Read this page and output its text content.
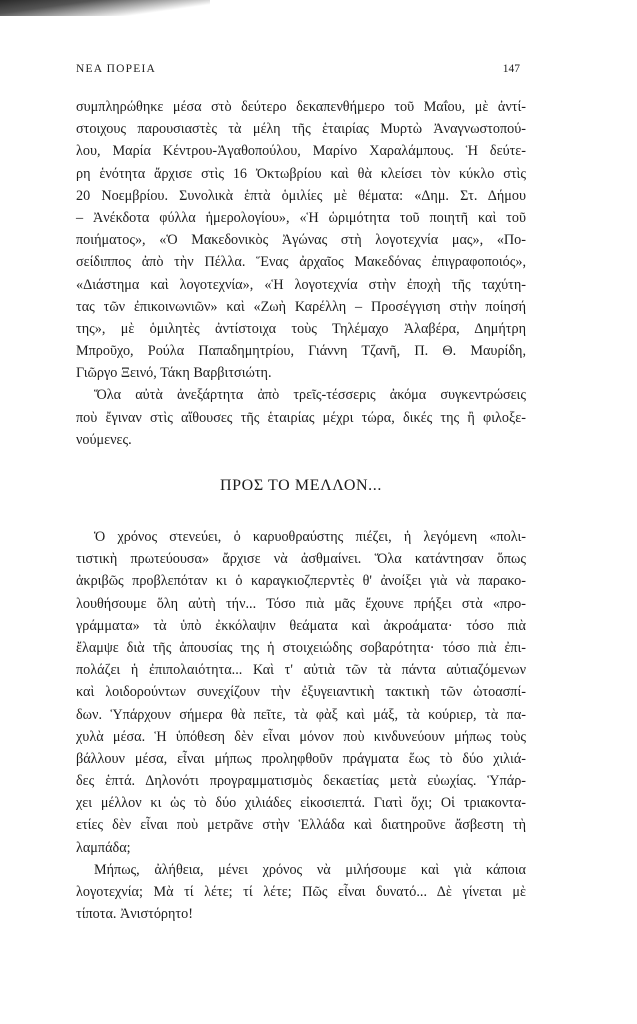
ΝΕΑ ΠΟΡΕΙΑ	147
συμπληρώθηκε μέσα στὸ δεύτερο δεκαπενθήμερο τοῦ Μαΐου, μὲ ἀντί-
στοιχους παρουσιαστὲς τὰ μέλη τῆς ἑταιρίας Μυρτὼ Ἀναγνωστοπού-
λου, Μαρία Κέντρου-Ἀγαθοπούλου, Μαρίνο Χαραλάμπους. Ἡ δεύτε-
ρη ἑνότητα ἄρχισε στὶς 16 Ὀκτωβρίου καὶ θὰ κλείσει τὸν κύκλο στὶς
20 Νοεμβρίου. Συνολικὰ ἑπτὰ ὁμιλίες μὲ θέματα: «Δημ. Στ. Δήμου
– Ἀνέκδοτα φύλλα ἡμερολογίου», «Ἡ ὡριμότητα τοῦ ποιητῆ καὶ τοῦ
ποιήματος», «Ὁ Μακεδονικὸς Ἀγώνας στὴ λογοτεχνία μας», «Πο-
σείδιππος ἀπὸ τὴν Πέλλα. Ἕνας ἀρχαῖος Μακεδόνας ἐπιγραφοποιός»,
«Διάστημα καὶ λογοτεχνία», «Ἡ λογοτεχνία στὴν ἐποχὴ τῆς ταχύτη-
τας τῶν ἐπικοινωνιῶν» καὶ «Ζωὴ Καρέλλη – Προσέγγιση στὴν ποίησή
της», μὲ ὁμιλητὲς ἀντίστοιχα τοὺς Τηλέμαχο Ἀλαβέρα, Δημήτρη
Μπροῦχο, Ρούλα Παπαδημητρίου, Γιάννη Τζανῆ, Π. Θ. Μαυρίδη,
Γιῶργο Ξεινό, Τάκη Βαρβιτσιώτη.
Ὅλα αὐτὰ ἀνεξάρτητα ἀπὸ τρεῖς-τέσσερις ἀκόμα συγκεντρώσεις
ποὺ ἔγιναν στὶς αἴθουσες τῆς ἑταιρίας μέχρι τώρα, δικές της ἢ φιλοξε-
νούμενες.
ΠΡΟΣ ΤΟ ΜΕΛΛΟΝ...
Ὁ χρόνος στενεύει, ὁ καρυοθραύστης πιέζει, ἡ λεγόμενη «πολι-
τιστικὴ πρωτεύουσα» ἄρχισε νὰ ἀσθμαίνει. Ὅλα κατάντησαν ὅπως
ἀκριβῶς προβλεπόταν κι ὁ καραγκιοζπερντὲς θ' ἀνοίξει γιὰ νὰ παρακο-
λουθήσουμε ὅλη αὐτὴ τήν... Τόσο πιὰ μᾶς ἔχουνε πρήξει στὰ «προ-
γράμματα» τὰ ὑπὸ ἐκκόλαψιν θεάματα καὶ ἀκροάματα· τόσο πιὰ
ἔλαμψε διὰ τῆς ἀπουσίας της ἡ στοιχειώδης σοβαρότητα· τόσο πιὰ ἐπι-
πολάζει ἡ ἐπιπολαιότητα... Καὶ τ' αὐτιὰ τῶν τὰ πάντα αὐτιαζόμενων
καὶ λοιδορούντων συνεχίζουν τὴν ἐξυγειαντικὴ τακτικὴ τῶν ὠτοασπί-
δων. Ὑπάρχουν σήμερα θὰ πεῖτε, τὰ φὰξ καὶ μάξ, τὰ κούριερ, τὰ πα-
χυλὰ μέσα. Ἡ ὑπόθεση δὲν εἶναι μόνον ποὺ κινδυνεύουν μήπως τοὺς
βάλλουν μέσα, εἶναι μήπως προληφθοῦν πράγματα ἕως τὸ δύο χιλιά-
δες ἑπτά. Δηλονότι προγραμματισμὸς δεκαετίας μετὰ εὐωχίας. Ὑπάρ-
χει μέλλον κι ὡς τὸ δύο χιλιάδες εἰκοσιεπτά. Γιατὶ ὄχι; Οἱ τριακοντα-
ετίες δὲν εἶναι ποὺ μετρᾶνε στὴν Ἑλλάδα καὶ διατηροῦνε ἄσβεστη τὴ
λαμπάδα;
Μήπως, ἀλήθεια, μένει χρόνος νὰ μιλήσουμε καὶ γιὰ κάποια
λογοτεχνία; Μὰ τί λέτε; τί λέτε; Πῶς εἶναι δυνατό... Δὲ γίνεται μὲ
τίποτα. Ἀνιστόρητο!
